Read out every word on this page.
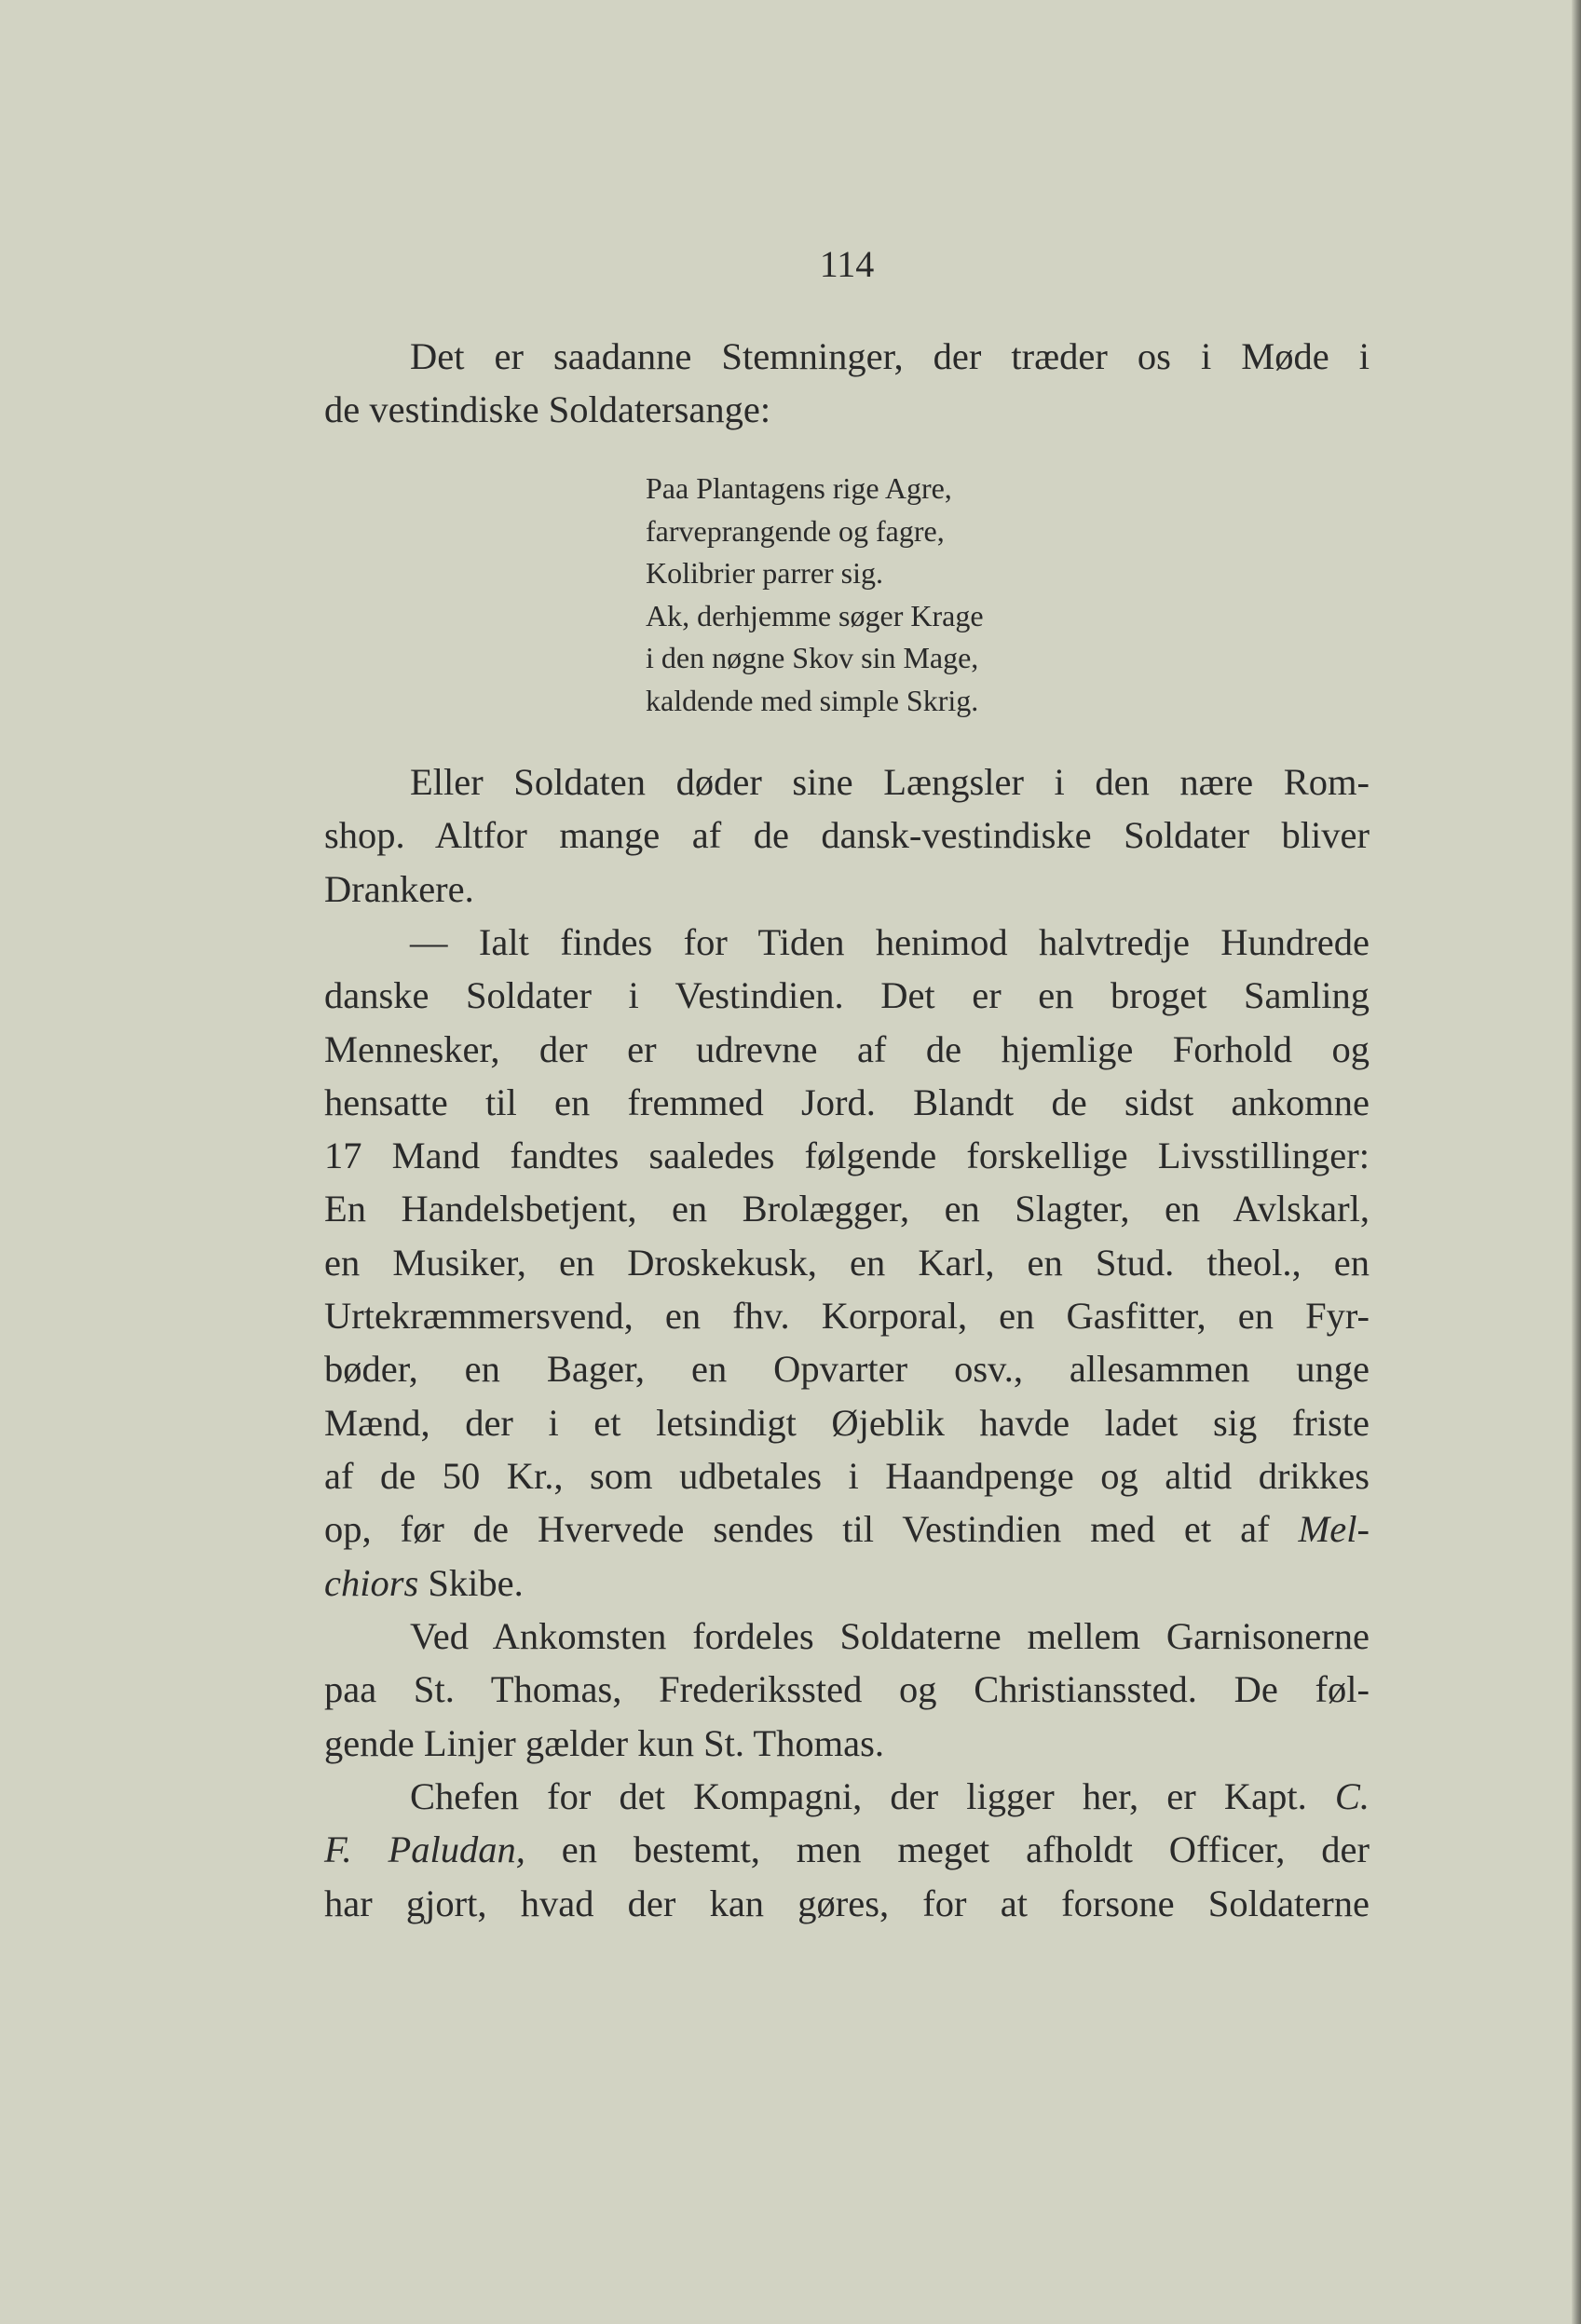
114

Det er saadanne Stemninger, der træder os i Møde i
de vestindiske Soldatersange:

Paa Plantagens rige Agre,
farveprangende og fagre,
Kolibrier parrer sig.
Ak, derhjemme søger Krage
i den nøgne Skov sin Mage,
kaldende med simple Skrig.

Eller Soldaten døder sine Længsler i den nære Rom-
shop. Altfor mange af de dansk-vestindiske Soldater bliver
Drankere.

— Ialt findes for Tiden henimod halvtredje Hundrede
danske Soldater i Vestindien. Det er en broget Samling
Mennesker, der er udrevne af de hjemlige Forhold og
hensatte til en fremmed Jord. Blandt de sidst ankomne
17 Mand fandtes saaledes følgende forskellige Livsstillinger:
En Handelsbetjent, en Brolægger, en Slagter, en Avlskarl,
en Musiker, en Droskekusk, en Karl, en Stud. theol., en
Urtekræmmersvend, en fhv. Korporal, en Gasfitter, en Fyr-
bøder, en Bager, en Opvarter osv., allesammen unge
Mænd, der i et letsindigt Øjeblik havde ladet sig friste
af de 50 Kr., som udbetales i Haandpenge og altid drikkes
op, før de Hvervede sendes til Vestindien med et af Mel-
chiors Skibe.

Ved Ankomsten fordeles Soldaterne mellem Garnisonerne
paa St. Thomas, Frederikssted og Christianssted. De føl-
gende Linjer gælder kun St. Thomas.

Chefen for det Kompagni, der ligger her, er Kapt. C.
F. Paludan, en bestemt, men meget afholdt Officer, der
har gjort, hvad der kan gøres, for at forsone Soldaterne
